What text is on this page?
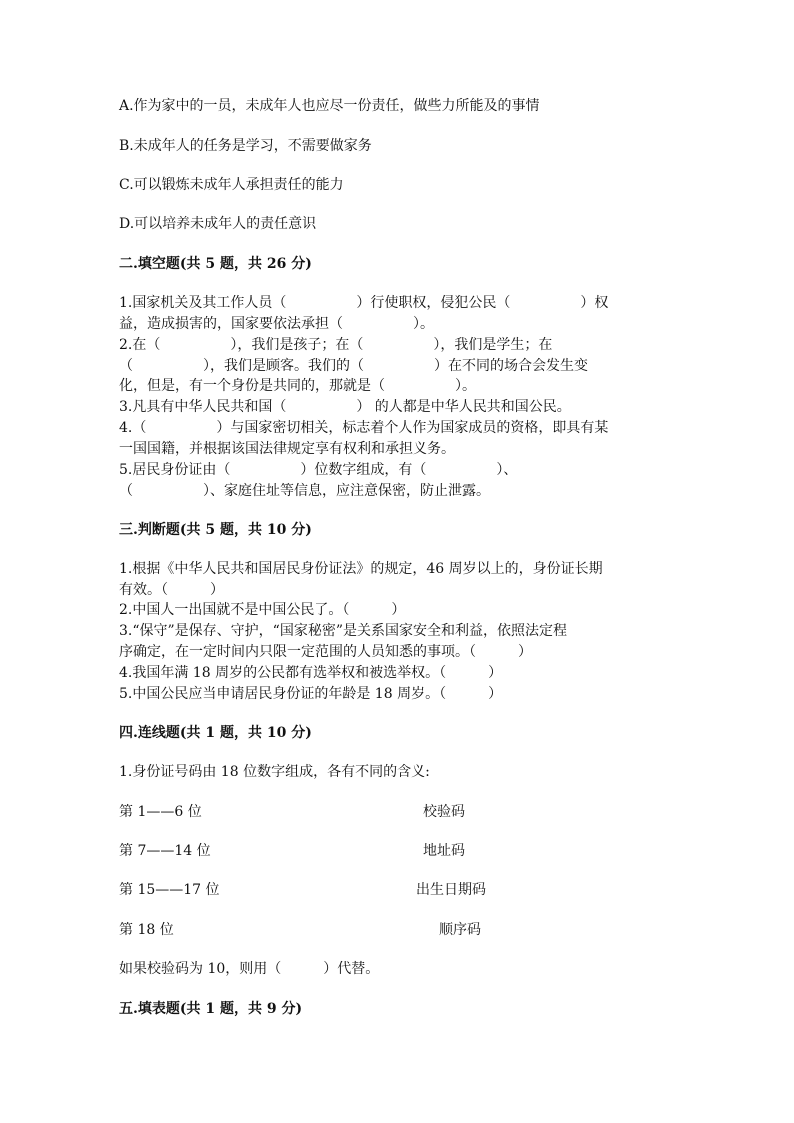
A.作为家中的一员，未成年人也应尽一份责任，做些力所能及的事情
B.未成年人的任务是学习，不需要做家务
C.可以锻炼未成年人承担责任的能力
D.可以培养未成年人的责任意识
二.填空题(共 5 题，共 26 分)
1.国家机关及其工作人员（　　　　　）行使职权，侵犯公民（　　　　　）权
益，造成损害的，国家要依法承担（　　　　　）。
2.在（　　　　　），我们是孩子；在（　　　　　），我们是学生；在
（　　　　　），我们是顾客。我们的（　　　　　）在不同的场合会发生变
化，但是，有一个身份是共同的，那就是（　　　　　）。
3.凡具有中华人民共和国（　　　　　） 的人都是中华人民共和国公民。
4.（　　　　　）与国家密切相关，标志着个人作为国家成员的资格，即具有某
一国国籍，并根据该国法律规定享有权利和承担义务。
5.居民身份证由（　　　　　）位数字组成，有（　　　　　）、
（　　　　　）、家庭住址等信息，应注意保密，防止泄露。
三.判断题(共 5 题，共 10 分)
1.根据《中华人民共和国居民身份证法》的规定，46 周岁以上的，身份证长期
有效。（　　　）
2.中国人一出国就不是中国公民了。（　　　）
3.“保守”是保存、守护，“国家秘密”是关系国家安全和利益，依照法定程
序确定，在一定时间内只限一定范围的人员知悉的事项。（　　　）
4.我国年满 18 周岁的公民都有选举权和被选举权。（　　　）
5.中国公民应当申请居民身份证的年龄是 18 周岁。（　　　）
四.连线题(共 1 题，共 10 分)
1.身份证号码由 18 位数字组成，各有不同的含义:
第 1——6 位	校验码
第 7——14 位	地址码
第 15——17 位	出生日期码
第 18 位	顺序码
如果校验码为 10，则用（　　　）代替。
五.填表题(共 1 题，共 9 分)
